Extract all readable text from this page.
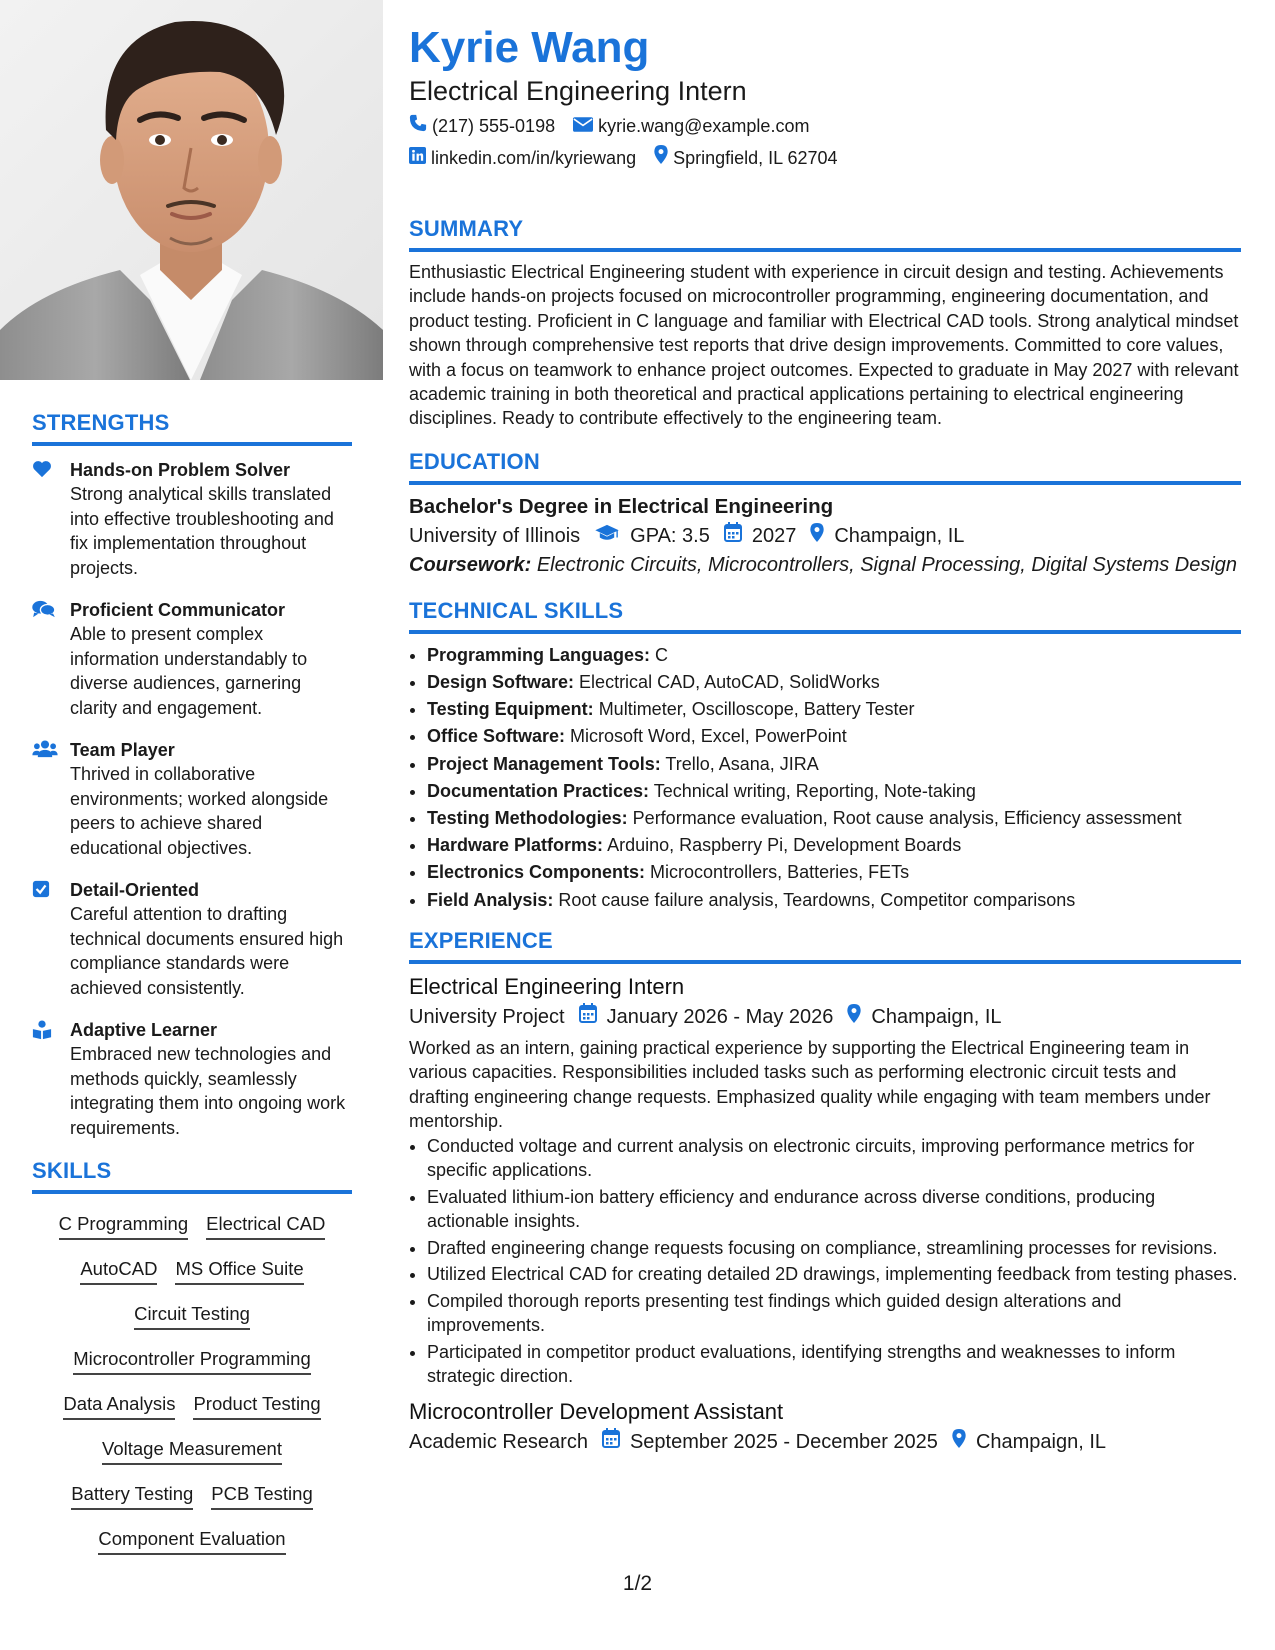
STRENGTHS
Hands-on Problem Solver
Strong analytical skills translated into effective troubleshooting and fix implementation throughout projects.
Proficient Communicator
Able to present complex information understandably to diverse audiences, garnering clarity and engagement.
Team Player
Thrived in collaborative environments; worked alongside peers to achieve shared educational objectives.
Detail-Oriented
Careful attention to drafting technical documents ensured high compliance standards were achieved consistently.
Adaptive Learner
Embraced new technologies and methods quickly, seamlessly integrating them into ongoing work requirements.
SKILLS
C Programming Electrical CAD
AutoCAD MS Office Suite
Circuit Testing
Microcontroller Programming
Data Analysis Product Testing
Voltage Measurement
Battery Testing PCB Testing
Component Evaluation
Kyrie Wang
Electrical Engineering Intern
(217) 555-0198 kyrie.wang@example.com
linkedin.com/in/kyriewang Springfield, IL 62704
SUMMARY
Enthusiastic Electrical Engineering student with experience in circuit design and testing. Achievements include hands-on projects focused on microcontroller programming, engineering documentation, and product testing. Proficient in C language and familiar with Electrical CAD tools. Strong analytical mindset shown through comprehensive test reports that drive design improvements. Committed to core values, with a focus on teamwork to enhance project outcomes. Expected to graduate in May 2027 with relevant academic training in both theoretical and practical applications pertaining to electrical engineering disciplines. Ready to contribute effectively to the engineering team.
EDUCATION
Bachelor's Degree in Electrical Engineering
University of Illinois	GPA: 3.5 2027 Champaign, IL
Coursework: Electronic Circuits, Microcontrollers, Signal Processing, Digital Systems Design
TECHNICAL SKILLS
• Programming Languages: C
• Design Software: Electrical CAD, AutoCAD, SolidWorks
• Testing Equipment: Multimeter, Oscilloscope, Battery Tester
• Office Software: Microsoft Word, Excel, PowerPoint
• Project Management Tools: Trello, Asana, JIRA
• Documentation Practices: Technical writing, Reporting, Note-taking
• Testing Methodologies: Performance evaluation, Root cause analysis, Efficiency assessment
• Hardware Platforms: Arduino, Raspberry Pi, Development Boards
• Electronics Components: Microcontrollers, Batteries, FETs
• Field Analysis: Root cause failure analysis, Teardowns, Competitor comparisons
EXPERIENCE
Electrical Engineering Intern
University Project January 2026 - May 2026 Champaign, IL
Worked as an intern, gaining practical experience by supporting the Electrical Engineering team in various capacities. Responsibilities included tasks such as performing electronic circuit tests and drafting engineering change requests. Emphasized quality while engaging with team members under mentorship.
• Conducted voltage and current analysis on electronic circuits, improving performance metrics for specific applications.
• Evaluated lithium-ion battery efficiency and endurance across diverse conditions, producing actionable insights.
• Drafted engineering change requests focusing on compliance, streamlining processes for revisions.
• Utilized Electrical CAD for creating detailed 2D drawings, implementing feedback from testing phases.
• Compiled thorough reports presenting test findings which guided design alterations and improvements.
• Participated in competitor product evaluations, identifying strengths and weaknesses to inform strategic direction.
Microcontroller Development Assistant
Academic Research September 2025 - December 2025 Champaign, IL
1/2
